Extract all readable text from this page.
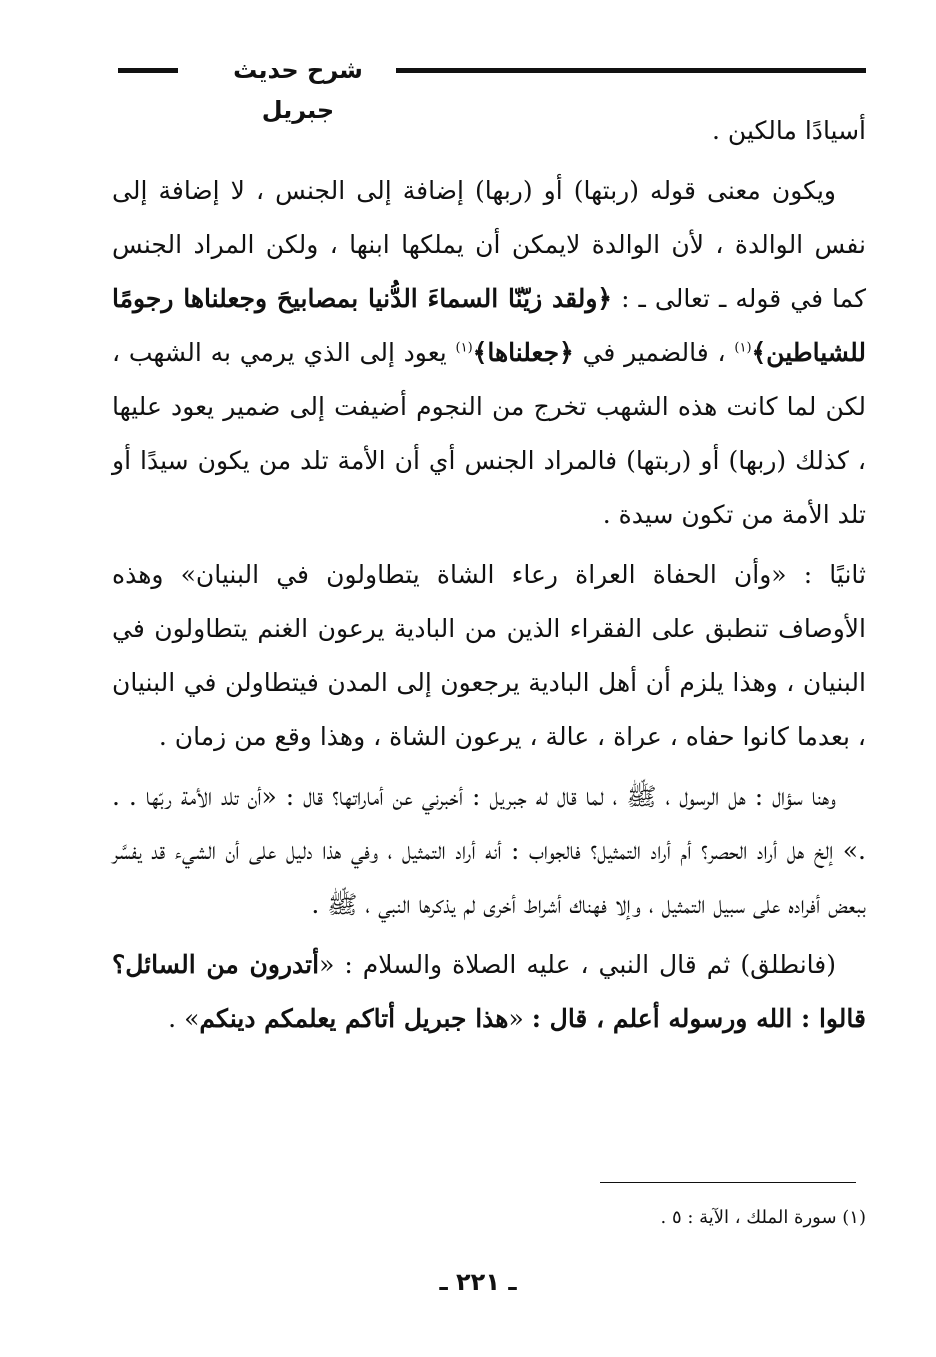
شرح حديث جبريل

أسيادًا مالكين .

ويكون معنى قوله (ربتها) أو (ربها) إضافة إلى الجنس ، لا إضافة إلى نفس الوالدة ، لأن الوالدة لايمكن أن يملكها ابنها ، ولكن المراد الجنس كما في قوله ـ تعالى ـ : ﴿ولقد زيّنّا السماءَ الدُّنيا بمصابيحَ وجعلناها رجومًا للشياطين﴾$^{(١)}$ ، فالضمير في ﴿جعلناها﴾$^{(١)}$ يعود إلى الذي يرمي به الشهب ، لكن لما كانت هذه الشهب تخرج من النجوم أضيفت إلى ضمير يعود عليها ، كذلك (ربها) أو (ربتها) فالمراد الجنس أي أن الأمة تلد من يكون سيدًا أو تلد الأمة من تكون سيدة .

ثانيًا : «وأن الحفاة العراة رعاء الشاة يتطاولون في البنيان» وهذه الأوصاف تنطبق على الفقراء الذين من البادية يرعون الغنم يتطاولون في البنيان ، وهذا يلزم أن أهل البادية يرجعون إلى المدن فيتطاولن في البنيان ، بعدما كانوا حفاه ، عراة ، عالة ، يرعون الشاة ، وهذا وقع من زمان .

وهنا سؤال : هل الرسول ، ﷺ ، لما قال له جبريل : أخبرني عن أماراتها؟ قال : «أن تلد الأمة ربّها . . .» إلخ هل أراد الحصر؟ أم أراد التمثيل؟ فالجواب : أنه أراد التمثيل ، وفي هذا دليل على أن الشيء قد يفسَّر ببعض أفراده على سبيل التمثيل ، وإلا فهناك أشراط أخرى لم يذكرها النبي ، ﷺ .

(فانطلق) ثم قال النبي ، عليه الصلاة والسلام : «أتدرون من السائل؟ قالوا : الله ورسوله أعلم ، قال : «هذا جبريل أتاكم يعلمكم دينكم» .

(١) سورة الملك ، الآية : ٥ .
ـ ٢٢١ ـ
